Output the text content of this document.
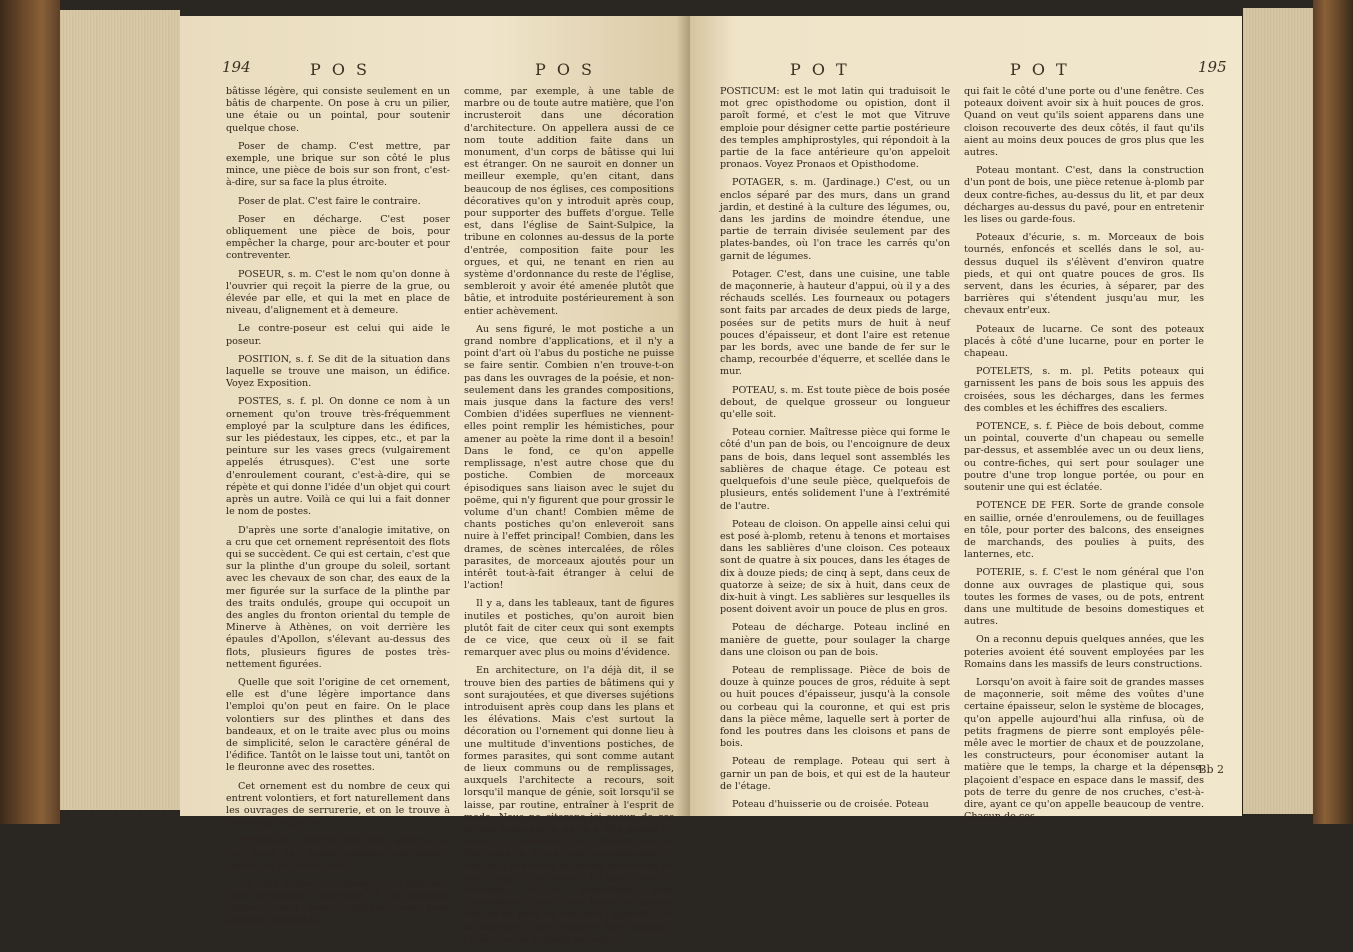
194	P O S	P O S

bâtisse légère, qui consiste seulement en un bâtis de charpente. On pose à cru un pilier, une étaie ou un pointal, pour soutenir quelque chose.

Poser de champ. C'est mettre, par exemple, une brique sur son côté le plus mince, une pièce de bois sur son front, c'est-à-dire, sur sa face la plus étroite.

Poser de plat. C'est faire le contraire.

Poser en décharge. C'est poser obliquement une pièce de bois, pour empêcher la charge, pour arc-bouter et pour contreventer.

POSEUR, s. m. C'est le nom qu'on donne à l'ouvrier qui reçoit la pierre de la grue, ou élevée par elle, et qui la met en place de niveau, d'alignement et à demeure.

Le contre-poseur est celui qui aide le poseur.

POSITION, s. f. Se dit de la situation dans laquelle se trouve une maison, un édifice. Voyez Exposition.

POSTES, s. f. pl. On donne ce nom à un ornement qu'on trouve très-fréquemment employé par la sculpture dans les édifices, sur les piédestaux, les cippes, etc., et par la peinture sur les vases grecs (vulgairement appelés étrusques). C'est une sorte d'enroulement courant, c'est-à-dire, qui se répète et qui donne l'idée d'un objet qui court après un autre. Voilà ce qui lui a fait donner le nom de postes.

D'après une sorte d'analogie imitative, on a cru que cet ornement représentoit des flots qui se succèdent. Ce qui est certain, c'est que sur la plinthe d'un groupe du soleil, sortant avec les chevaux de son char, des eaux de la mer figurée sur la surface de la plinthe par des traits ondulés, groupe qui occupoit un des angles du fronton oriental du temple de Minerve à Athènes, on voit derrière les épaules d'Apollon, s'élevant au-dessus des flots, plusieurs figures de postes très-nettement figurées.

Quelle que soit l'origine de cet ornement, elle est d'une légère importance dans l'emploi qu'on peut en faire. On le place volontiers sur des plinthes et dans des bandeaux, et on le traite avec plus ou moins de simplicité, selon le caractère général de l'édifice. Tantôt on le laisse tout uni, tantôt on le fleuronne avec des rosettes.

Cet ornement est du nombre de ceux qui entrent volontiers, et fort naturellement dans les ouvrages de serrurerie, et on le trouve à beaucoup de grilles.

POSTICHE, adjectif des deux genres. Ce mot vient de l'italien posticio, qui signifie ajouté, ou fait après coup.

Au sens simple, on donne cette épithète, dans beaucoup d'ouvrages, à un morceau rapporté, soit pour compléter, soit pour alonger l'ensemble;

comme, par exemple, à une table de marbre ou de toute autre matière, que l'on incrusteroit dans une décoration d'architecture. On appellera aussi de ce nom toute addition faite dans un monument, d'un corps de bâtisse qui lui est étranger. On ne sauroit en donner un meilleur exemple, qu'en citant, dans beaucoup de nos églises, ces compositions décoratives qu'on y introduit après coup, pour supporter des buffets d'orgue. Telle est, dans l'église de Saint-Sulpice, la tribune en colonnes au-dessus de la porte d'entrée, composition faite pour les orgues, et qui, ne tenant en rien au système d'ordonnance du reste de l'église, sembleroit y avoir été amenée plutôt que bâtie, et introduite postérieurement à son entier achèvement.

Au sens figuré, le mot postiche a un grand nombre d'applications, et il n'y a point d'art où l'abus du postiche ne puisse se faire sentir. Combien n'en trouve-t-on pas dans les ouvrages de la poésie, et non-seulement dans les grandes compositions, mais jusque dans la facture des vers! Combien d'idées superflues ne viennent-elles point remplir les hémistiches, pour amener au poète la rime dont il a besoin! Dans le fond, ce qu'on appelle remplissage, n'est autre chose que du postiche. Combien de morceaux épisodiques sans liaison avec le sujet du poëme, qui n'y figurent que pour grossir le volume d'un chant! Combien même de chants postiches qu'on enleveroit sans nuire à l'effet principal! Combien, dans les drames, de scènes intercalées, de rôles parasites, de morceaux ajoutés pour un intérêt tout-à-fait étranger à celui de l'action!

Il y a, dans les tableaux, tant de figures inutiles et postiches, qu'on auroit bien plutôt fait de citer ceux qui sont exempts de ce vice, que ceux où il se fait remarquer avec plus ou moins d'évidence.

En architecture, on l'a déjà dit, il se trouve bien des parties de bâtimens qui y sont surajoutées, et que diverses sujétions introduisent après coup dans les plans et les élévations. Mais c'est surtout la décoration ou l'ornement qui donne lieu à une multitude d'inventions postiches, de formes parasites, qui sont comme autant de lieux communs ou de remplissages, auxquels l'architecte a recours, soit lorsqu'il manque de génie, soit lorsqu'il se laisse, par routine, entraîner à l'esprit de mode. Nous ne citerons ici aucun de ces détails particuliers, qu'on a déjà passés en revue à plusieurs des articles de ce Dictionnaire. Nous nous contenterons de dire que ces vices de détail procèdent du faux esprit qui prend le luxe pour la richesse, et la superfluité pour l'abondance; excès dans lequel on tombe, dès qu'on perd de vue que l'agréable, en architecture, doit toujours être soumis à l'utile, qui lui a donné naissance.

P O T	P O T	195

POSTICUM: est le mot latin qui traduisoit le mot grec opisthodome ou opistion, dont il paroît formé, et c'est le mot que Vitruve emploie pour désigner cette partie postérieure des temples amphiprostyles, qui répondoit à la partie de la face antérieure qu'on appeloit pronaos. Voyez Pronaos et Opisthodome.

POTAGER, s. m. (Jardinage.) C'est, ou un enclos séparé par des murs, dans un grand jardin, et destiné à la culture des légumes, ou, dans les jardins de moindre étendue, une partie de terrain divisée seulement par des plates-bandes, où l'on trace les carrés qu'on garnit de légumes.

Potager. C'est, dans une cuisine, une table de maçonnerie, à hauteur d'appui, où il y a des réchauds scellés. Les fourneaux ou potagers sont faits par arcades de deux pieds de large, posées sur de petits murs de huit à neuf pouces d'épaisseur, et dont l'aire est retenue par les bords, avec une bande de fer sur le champ, recourbée d'équerre, et scellée dans le mur.

POTEAU, s. m. Est toute pièce de bois posée debout, de quelque grosseur ou longueur qu'elle soit.

Poteau cornier. Maîtresse pièce qui forme le côté d'un pan de bois, ou l'encoignure de deux pans de bois, dans lequel sont assemblés les sablières de chaque étage. Ce poteau est quelquefois d'une seule pièce, quelquefois de plusieurs, entés solidement l'une à l'extrémité de l'autre.

Poteau de cloison. On appelle ainsi celui qui est posé à-plomb, retenu à tenons et mortaises dans les sablières d'une cloison. Ces poteaux sont de quatre à six pouces, dans les étages de dix à douze pieds; de cinq à sept, dans ceux de quatorze à seize; de six à huit, dans ceux de dix-huit à vingt. Les sablières sur lesquelles ils posent doivent avoir un pouce de plus en gros.

Poteau de décharge. Poteau incliné en manière de guette, pour soulager la charge dans une cloison ou pan de bois.

Poteau de remplissage. Pièce de bois de douze à quinze pouces de gros, réduite à sept ou huit pouces d'épaisseur, jusqu'à la console ou corbeau qui la couronne, et qui est pris dans la pièce même, laquelle sert à porter de fond les poutres dans les cloisons et pans de bois.

Poteau de remplage. Poteau qui sert à garnir un pan de bois, et qui est de la hauteur de l'étage.

Poteau d'huisserie ou de croisée. Poteau

qui fait le côté d'une porte ou d'une fenêtre. Ces poteaux doivent avoir six à huit pouces de gros. Quand on veut qu'ils soient apparens dans une cloison recouverte des deux côtés, il faut qu'ils aient au moins deux pouces de gros plus que les autres.

Poteau montant. C'est, dans la construction d'un pont de bois, une pièce retenue à-plomb par deux contre-fiches, au-dessus du lit, et par deux décharges au-dessus du pavé, pour en entretenir les lises ou garde-fous.

Poteaux d'écurie, s. m. Morceaux de bois tournés, enfoncés et scellés dans le sol, au-dessus duquel ils s'élèvent d'environ quatre pieds, et qui ont quatre pouces de gros. Ils servent, dans les écuries, à séparer, par des barrières qui s'étendent jusqu'au mur, les chevaux entr'eux.

Poteaux de lucarne. Ce sont des poteaux placés à côté d'une lucarne, pour en porter le chapeau.

POTELETS, s. m. pl. Petits poteaux qui garnissent les pans de bois sous les appuis des croisées, sous les décharges, dans les fermes des combles et les échiffres des escaliers.

POTENCE, s. f. Pièce de bois debout, comme un pointal, couverte d'un chapeau ou semelle par-dessus, et assemblée avec un ou deux liens, ou contre-fiches, qui sert pour soulager une poutre d'une trop longue portée, ou pour en soutenir une qui est éclatée.

POTENCE DE FER. Sorte de grande console en saillie, ornée d'enroulemens, ou de feuillages en tôle, pour porter des balcons, des enseignes de marchands, des poulies à puits, des lanternes, etc.

POTERIE, s. f. C'est le nom général que l'on donne aux ouvrages de plastique qui, sous toutes les formes de vases, ou de pots, entrent dans une multitude de besoins domestiques et autres.

On a reconnu depuis quelques années, que les poteries avoient été souvent employées par les Romains dans les massifs de leurs constructions.

Lorsqu'on avoit à faire soit de grandes masses de maçonnerie, soit même des voûtes d'une certaine épaisseur, selon le système de blocages, qu'on appelle aujourd'hui alla rinfusa, où de petits fragmens de pierre sont employés pêle-mêle avec le mortier de chaux et de pouzzolane, les constructeurs, pour économiser autant la matière que le temps, la charge et la dépense, plaçoient d'espace en espace dans le massif, des pots de terre du genre de nos cruches, c'est-à-dire, ayant ce qu'on appelle beaucoup de ventre. Chacun de ces

Bb 2
